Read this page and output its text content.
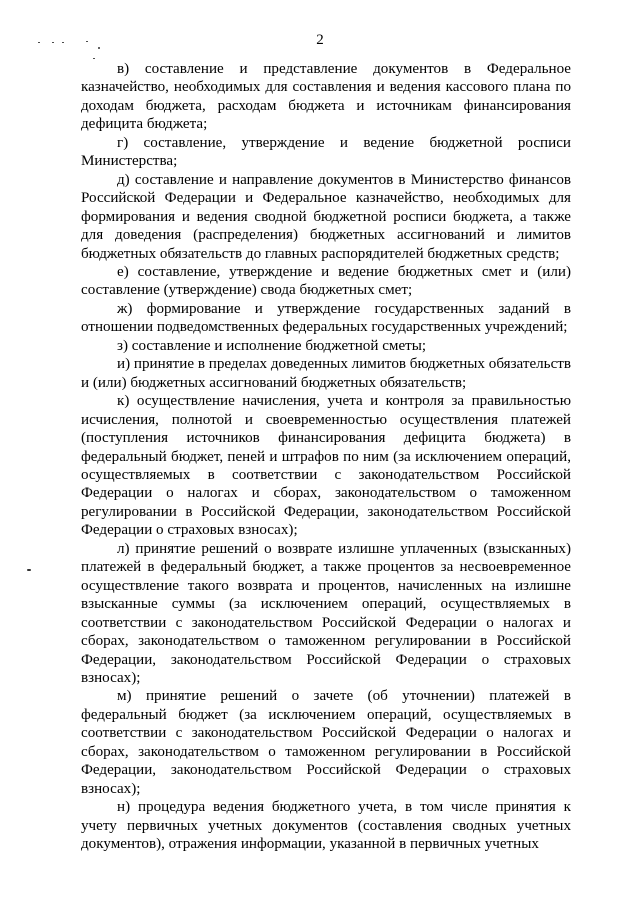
2

в) составление и представление документов в Федеральное казначейство, необходимых для составления и ведения кассового плана по доходам бюджета, расходам бюджета и источникам финансирования дефицита бюджета;

г) составление, утверждение и ведение бюджетной росписи Министерства;

д) составление и направление документов в Министерство финансов Российской Федерации и Федеральное казначейство, необходимых для формирования и ведения сводной бюджетной росписи бюджета, а также для доведения (распределения) бюджетных ассигнований и лимитов бюджетных обязательств до главных распорядителей бюджетных средств;

е) составление, утверждение и ведение бюджетных смет и (или) составление (утверждение) свода бюджетных смет;

ж) формирование и утверждение государственных заданий в отношении подведомственных федеральных государственных учреждений;

з) составление и исполнение бюджетной сметы;

и) принятие в пределах доведенных лимитов бюджетных обязательств и (или) бюджетных ассигнований бюджетных обязательств;

к) осуществление начисления, учета и контроля за правильностью исчисления, полнотой и своевременностью осуществления платежей (поступления источников финансирования дефицита бюджета) в федеральный бюджет, пеней и штрафов по ним (за исключением операций, осуществляемых в соответствии с законодательством Российской Федерации о налогах и сборах, законодательством о таможенном регулировании в Российской Федерации, законодательством Российской Федерации о страховых взносах);

л) принятие решений о возврате излишне уплаченных (взысканных) платежей в федеральный бюджет, а также процентов за несвоевременное осуществление такого возврата и процентов, начисленных на излишне взысканные суммы (за исключением операций, осуществляемых в соответствии с законодательством Российской Федерации о налогах и сборах, законодательством о таможенном регулировании в Российской Федерации, законодательством Российской Федерации о страховых взносах);

м) принятие решений о зачете (об уточнении) платежей в федеральный бюджет (за исключением операций, осуществляемых в соответствии с законодательством Российской Федерации о налогах и сборах, законодательством о таможенном регулировании в Российской Федерации, законодательством Российской Федерации о страховых взносах);

н) процедура ведения бюджетного учета, в том числе принятия к учету первичных учетных документов (составления сводных учетных документов), отражения информации, указанной в первичных учетных
